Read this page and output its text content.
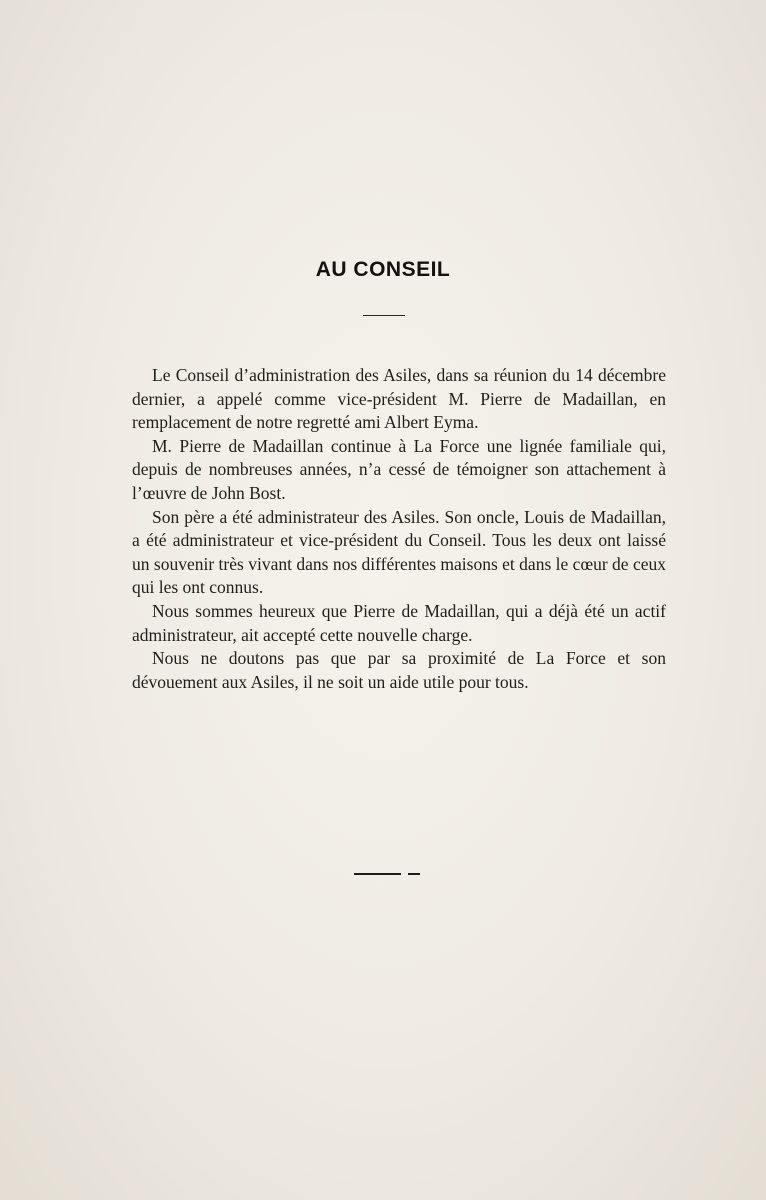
AU CONSEIL

Le Conseil d’administration des Asiles, dans sa réunion du 14 décembre dernier, a appelé comme vice-président M. Pierre de Madaillan, en remplacement de notre regretté ami Albert Eyma.

M. Pierre de Madaillan continue à La Force une lignée familiale qui, depuis de nombreuses années, n’a cessé de témoigner son attachement à l’œuvre de John Bost.

Son père a été administrateur des Asiles. Son oncle, Louis de Madaillan, a été administrateur et vice-président du Conseil. Tous les deux ont laissé un souvenir très vivant dans nos différentes maisons et dans le cœur de ceux qui les ont connus.

Nous sommes heureux que Pierre de Madaillan, qui a déjà été un actif administrateur, ait accepté cette nouvelle charge.

Nous ne doutons pas que par sa proximité de La Force et son dévouement aux Asiles, il ne soit un aide utile pour tous.
